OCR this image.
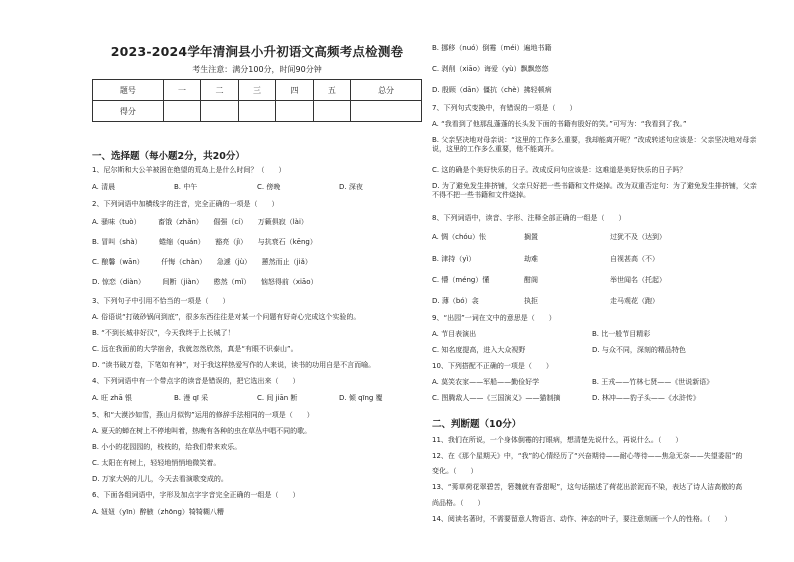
2023-2024学年清涧县小升初语文高频考点检测卷
考生注意：满分100分，时间90分钟
题号	一	二	三	四	五	总分
得分						
一、选择题（每小题2分，共20分）
1、尼尔斯和大公羊被困在绝望的荒岛上是什么时间？（　　）
A. 清晨	B. 中午	C. 傍晚	D. 深夜
2、下列词语中加横线字的注音，完全正确的一项是（　　）
A. 骚味（tuò）　　　畜饿（zhǎn）　　倔强（cí）　　万籁俱寂（lài）
B. 冒叫（shà）　　　蜷缩（quán）　　豁亮（jì）　　与抗衰石（kēng）
C. 酿馨（wān）　　　仟悔（chàn）　　急遽（jù）　　蕙然而止（jiǎ）
D. 惊恋（diàn）　　　间断（jiàn）　　憨然（mǐ）　　恼怒得前（xiāo）
3、下列句子中引用不恰当的一项是（　　）
A. 俗语说“打破砂锅问到底”，很多东西往往是对某一个问题有好奇心完成这个实验的。
B. “不到长城非好汉”，今天我终于上长城了！
C. 远在我面前的大学宿舍，我就忽然欣然，真是“有眼不识泰山”。
D. “读书破万卷，下笔如有神”，对于我这样热爱写作的人来说，读书的功用自是不言而喻。
4、下列词语中有一个带点字的读音是错误的，把它选出来（　　）
A. 旺 zhā 银	B. 漫 qī 采	C. 间 jiān 断	D. 倾 qīng 覆
5、和“大漠沙如雪，燕山月似钩”运用的修辞手法相同的一项是（　　）
A. 夏天的蝉在树上不停地叫着，热晚有各种的虫在草丛中唱不同的歌。
B. 小小的花园园的，枝枝的，给我们带来欢乐。
C. 太阳在有树上，轻轻地悄悄地微笑着。
D. 万家大妈的儿儿，今天去看演歌变成的。
6、下面各组词语中，字形及加点字字音完全正确的一组是（　　）
A. 妞妞（yīn）醉腋（zhōng）犄犄糊八糟
B. 挪移（nuó）倒霉（méi）遍地书籍
C. 剥削（xiāo）诲爱（yù）飘飘悠悠
D. 殷顾（dān）僵抗（chè）拂轻顿病
7、下列句式变换中，有错误的一项是（　　）
A. “我看到了他那乱蓬蓬的长头发下面的书籍有股好的笑。”可写为：“我看到了我。”
B. 父亲坚决地对母亲说：“这里的工作多么重要，我却能离开呢？”改成转述句应该是：父亲坚决地对母亲说，这里的工作多么重要，他不能离开。
C. 这的确是个美好快乐的日子。改成反问句应该是：这难道是美好快乐的日子吗？
D. 为了避免发生排挤铺，父亲只好把一些书籍和文件烧掉。改为双重否定句：为了避免发生排挤铺，父亲不得不把一些书籍和文件烧掉。
8、下列词语中，读音、字形、注释全部正确的一组是（　　）
A. 惆（chóu）怅	搁置	过犹不及（达到）
B. 津持（yì）	劫难	自视甚高（不）
C. 懵（méng）懂	酣阁	举世闻名（托起）
D. 薄（bó）衾	执拒	走马观花（跑）
9、“出园”一词在文中的意思是（　　）
A. 节目表演出	B. 比一般节目精彩
C. 知名度提高，进入大众视野	D. 与众不同，深刻的精品特色
10、下列搭配不正确的一项是（　　）
A. 莫笑农家——军船——勤俭好学	B. 王戎——竹林七贤——《世说新语》
C. 图腾敌人——《三国演义》——猫制摘	D. 林冲——豹子头——《水浒传》
二、判断题（10分）
11、我们在所说，一个身体倒霉的打眼病，想清楚先说什么，再说什么。（　　）
12、在《那个星期天》中，“我”的心情经历了“兴奋期待——耐心等待——焦急无奈——失望委屈”的
变化。（　　）
13、“莠草荷花翠碧苦，箬魏就有香甜呢”，这句话描述了荷花出淤泥而不染，表达了诗人洁高傲的高
尚品格。（　　）
14、阅读名著时，不需要留意人物语言、动作、神态的叶子，要注意刻画一个人的性格。（　　）
